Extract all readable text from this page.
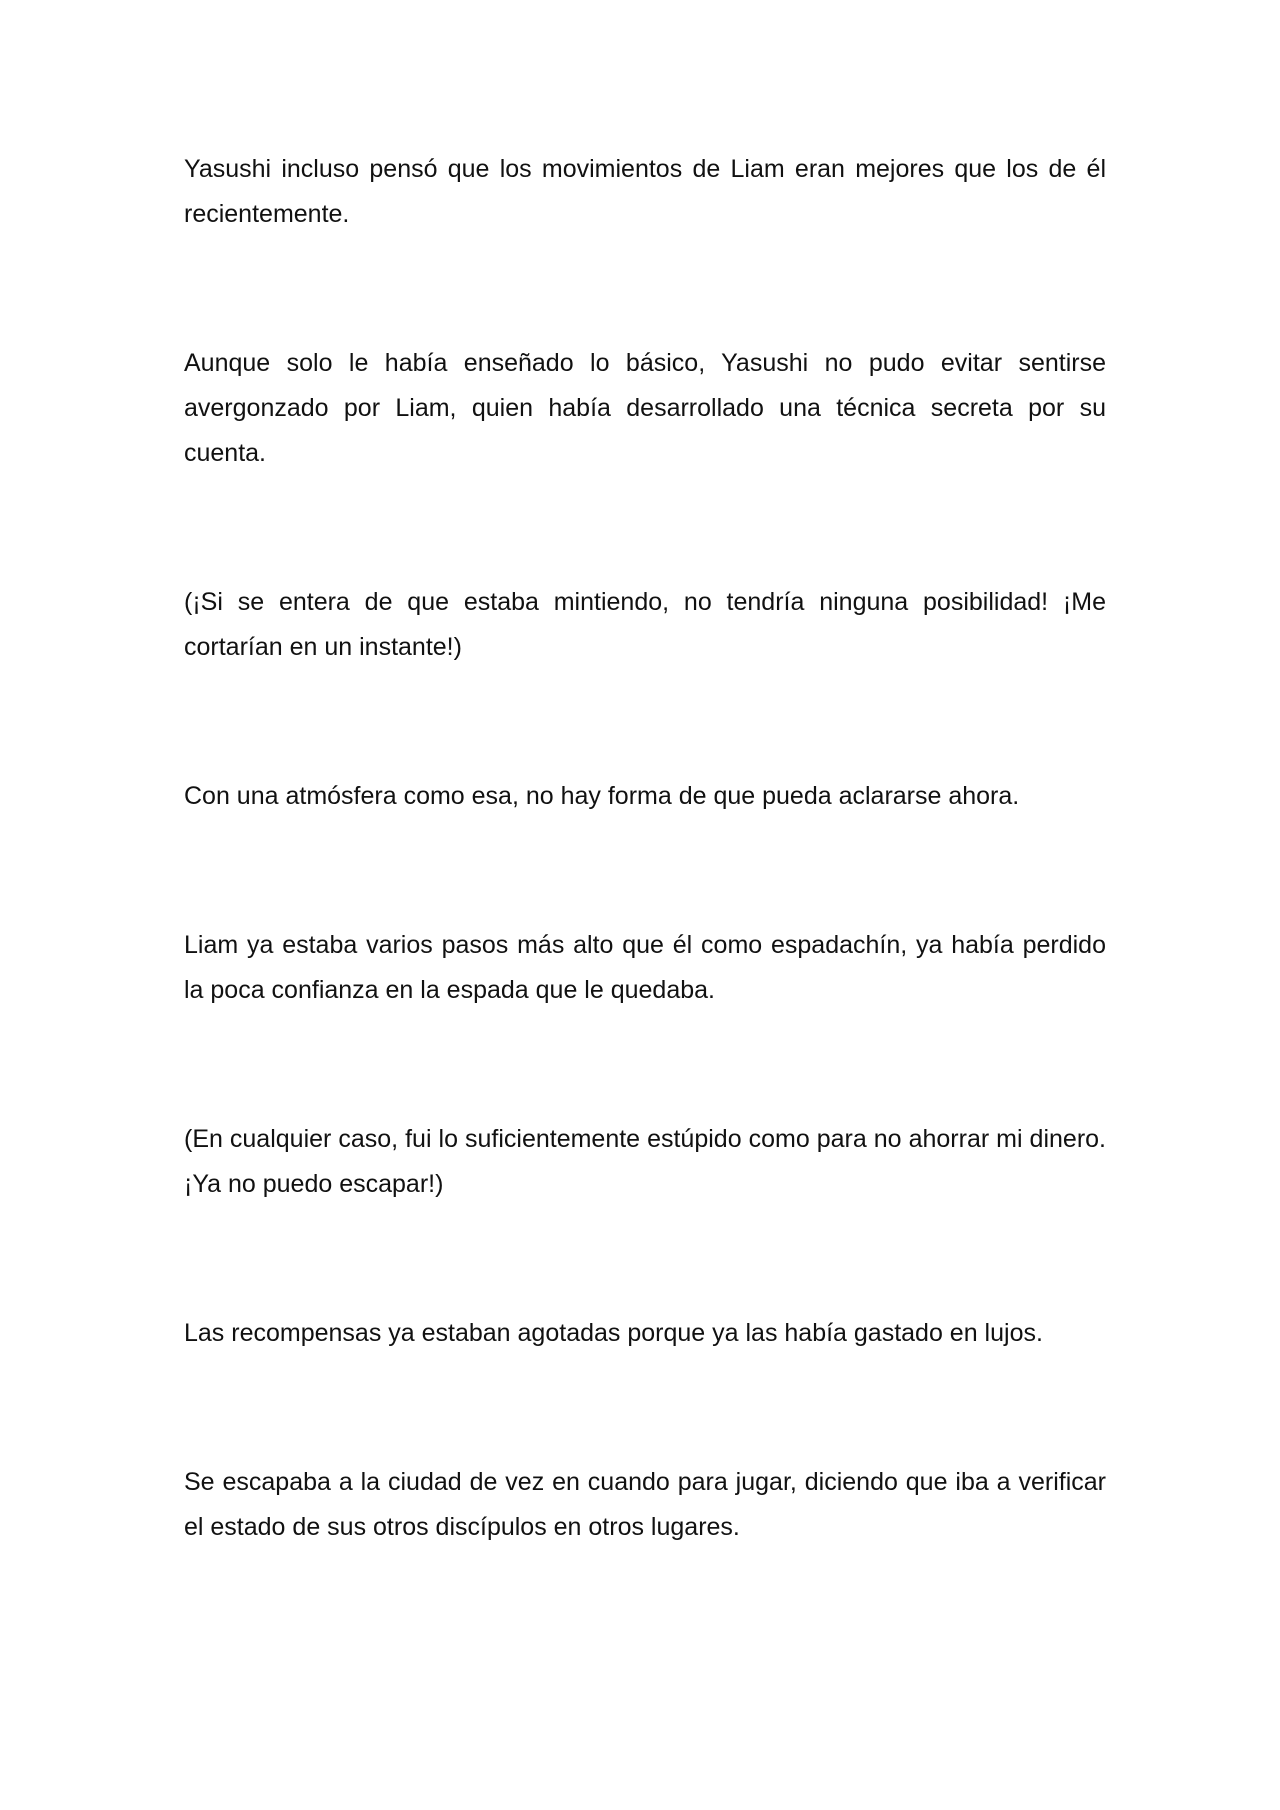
Yasushi incluso pensó que los movimientos de Liam eran mejores que los de él recientemente.

Aunque solo le había enseñado lo básico, Yasushi no pudo evitar sentirse avergonzado por Liam, quien había desarrollado una técnica secreta por su cuenta.

(¡Si se entera de que estaba mintiendo, no tendría ninguna posibilidad! ¡Me cortarían en un instante!)

Con una atmósfera como esa, no hay forma de que pueda aclararse ahora.

Liam ya estaba varios pasos más alto que él como espadachín, ya había perdido la poca confianza en la espada que le quedaba.

(En cualquier caso, fui lo suficientemente estúpido como para no ahorrar mi dinero. ¡Ya no puedo escapar!)

Las recompensas ya estaban agotadas porque ya las había gastado en lujos.

Se escapaba a la ciudad de vez en cuando para jugar, diciendo que iba a verificar el estado de sus otros discípulos en otros lugares.
